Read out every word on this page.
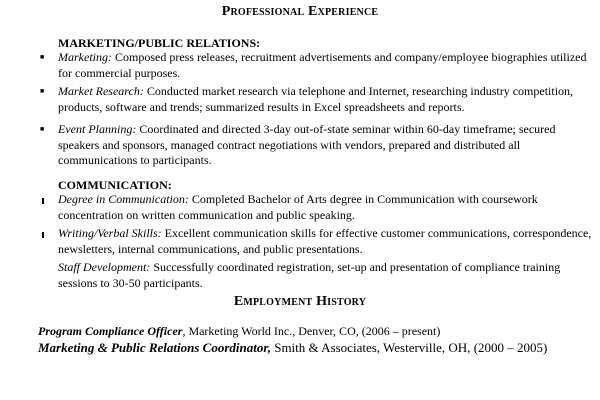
Professional Experience
MARKETING/PUBLIC RELATIONS:
■ Marketing: Composed press releases, recruitment advertisements and company/employee biographies utilized for commercial purposes.
■ Market Research: Conducted market research via telephone and Internet, researching industry competition, products, software and trends; summarized results in Excel spreadsheets and reports.
■ Event Planning: Coordinated and directed 3-day out-of-state seminar within 60-day timeframe; secured speakers and sponsors, managed contract negotiations with vendors, prepared and distributed all communications to participants.
COMMUNICATION:
Degree in Communication: Completed Bachelor of Arts degree in Communication with coursework concentration on written communication and public speaking.
Writing/Verbal Skills: Excellent communication skills for effective customer communications, correspondence, newsletters, internal communications, and public presentations.
Staff Development: Successfully coordinated registration, set-up and presentation of compliance training sessions to 30-50 participants.
Employment History
Program Compliance Officer, Marketing World Inc., Denver, CO, (2006 – present)
Marketing & Public Relations Coordinator, Smith & Associates, Westerville, OH, (2000 – 2005)
